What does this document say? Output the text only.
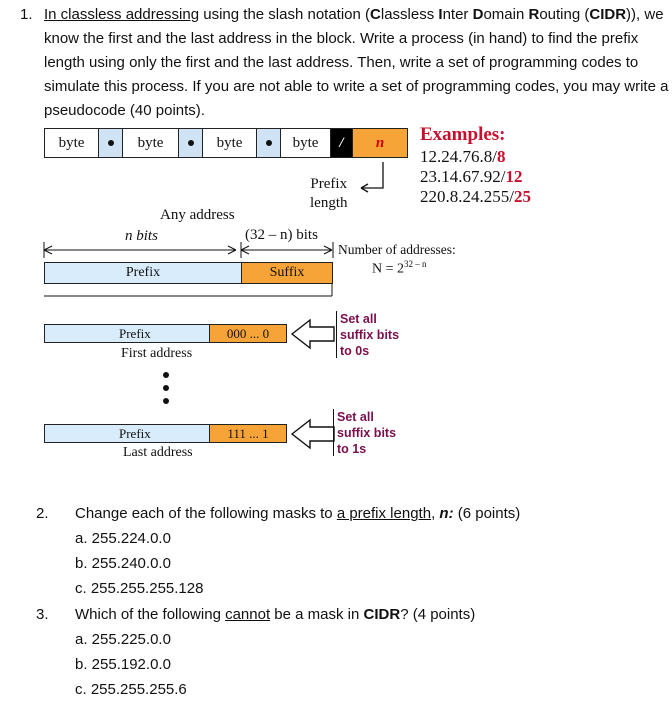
1. In classless addressing using the slash notation (Classless Inter Domain Routing (CIDR)), we know the first and the last address in the block. Write a process (in hand) to find the prefix length using only the first and the last address. Then, write a set of programming codes to simulate this process. If you are not able to write a set of programming codes, you may write a pseudocode (40 points).
byte	byte	byte	byte	/	n
Prefix
length
Examples:
12.24.76.8/8
23.14.67.92/12
220.8.24.255/25
Any address
n bits	(32 – n) bits
Number of addresses:
$N = 2^{32 - n}$
Prefix	Suffix
Prefix	000 ... 0
First address
Set all
suffix bits
to 0s
Prefix	111 ... 1
Last address
Set all
suffix bits
to 1s
2. Change each of the following masks to a prefix length, n: (6 points)
a. 255.224.0.0
b. 255.240.0.0
c. 255.255.255.128
3. Which of the following cannot be a mask in CIDR? (4 points)
a. 255.225.0.0
b. 255.192.0.0
c. 255.255.255.6
